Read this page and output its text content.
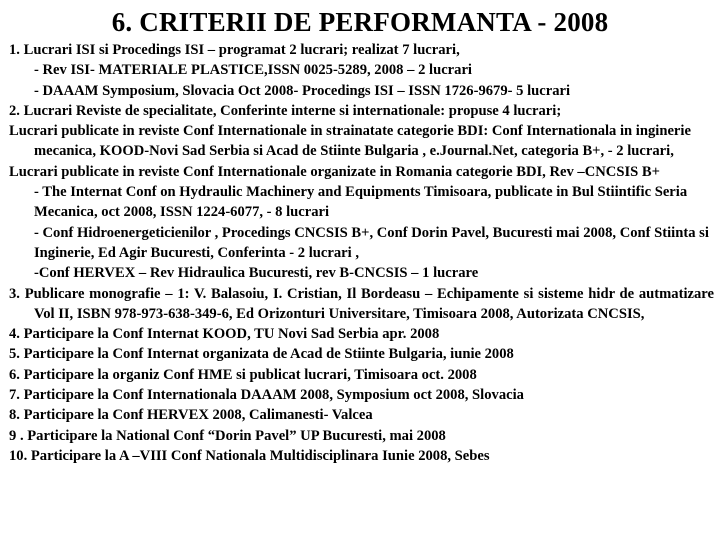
6. CRITERII DE PERFORMANTA - 2008
1. Lucrari ISI si Procedings ISI – programat 2 lucrari; realizat 7 lucrari,
- Rev ISI- MATERIALE PLASTICE,ISSN 0025-5289, 2008 – 2 lucrari
- DAAAM Symposium, Slovacia Oct 2008- Procedings ISI – ISSN 1726-9679- 5 lucrari
2. Lucrari Reviste de specialitate, Conferinte interne si internationale: propuse 4 lucrari;
Lucrari publicate in reviste Conf Internationale in strainatate categorie BDI: Conf Internationala in inginerie mecanica, KOOD-Novi Sad Serbia si Acad de Stiinte Bulgaria , e.Journal.Net, categoria B+, - 2 lucrari,
Lucrari publicate in reviste Conf Internationale organizate in Romania categorie BDI, Rev –CNCSIS B+
- The Internat Conf on Hydraulic Machinery and Equipments Timisoara, publicate in Bul Stiintific Seria Mecanica, oct 2008, ISSN 1224-6077, - 8 lucrari
- Conf Hidroenergeticienilor , Procedings CNCSIS B+, Conf Dorin Pavel, Bucuresti mai 2008, Conf Stiinta si Inginerie, Ed Agir Bucuresti, Conferinta - 2 lucrari ,
-Conf HERVEX – Rev Hidraulica Bucuresti, rev B-CNCSIS – 1 lucrare
3. Publicare monografie – 1: V. Balasoiu, I. Cristian, Il Bordeasu – Echipamente si sisteme hidr de autmatizare Vol II, ISBN 978-973-638-349-6, Ed Orizonturi Universitare, Timisoara 2008, Autorizata CNCSIS,
4. Participare la Conf Internat KOOD, TU Novi Sad Serbia apr. 2008
5. Participare la Conf Internat organizata de Acad de Stiinte Bulgaria, iunie 2008
6. Participare la organiz Conf HME si publicat lucrari, Timisoara oct. 2008
7. Participare la Conf Internationala DAAAM 2008, Symposium oct 2008, Slovacia
8. Participare la Conf HERVEX 2008, Calimanesti- Valcea
9 . Participare la National Conf “Dorin Pavel” UP Bucuresti, mai 2008
10. Participare la A –VIII Conf Nationala Multidisciplinara Iunie 2008, Sebes
